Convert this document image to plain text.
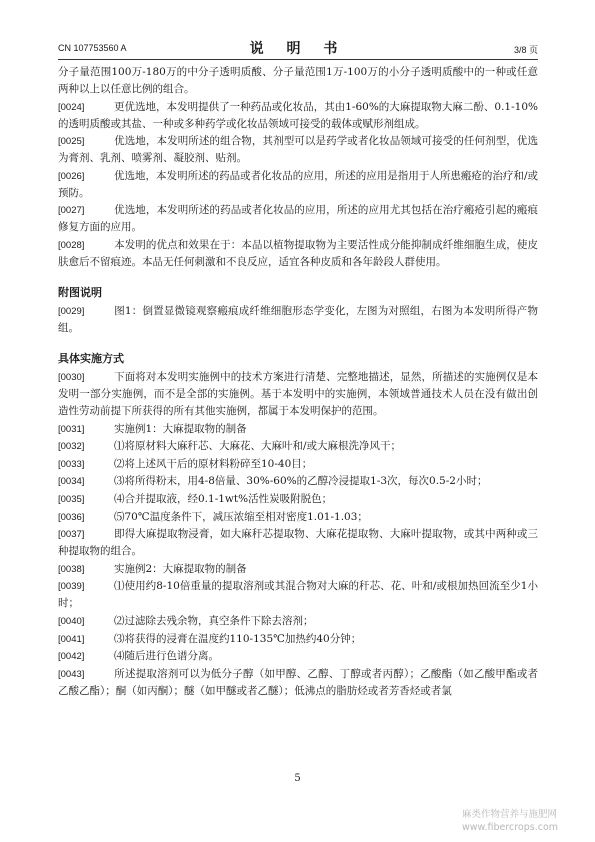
CN 107753560 A	说 明 书	3/8 页
分子量范围100万-180万的中分子透明质酸、分子量范围1万-100万的小分子透明质酸中的一种或任意两种以上以任意比例的组合。
[0024]	更优选地，本发明提供了一种药品或化妆品，其由1-60%的大麻提取物大麻二酚、0.1-10%的透明质酸或其盐、一种或多种药学或化妆品领域可接受的载体或赋形剂组成。
[0025]	优选地，本发明所述的组合物，其剂型可以是药学或者化妆品领域可接受的任何剂型，优选为膏剂、乳剂、喷雾剂、凝胶剂、贴剂。
[0026]	优选地，本发明所述的药品或者化妆品的应用，所述的应用是指用于人所患瘢疮的治疗和/或预防。
[0027]	优选地，本发明所述的药品或者化妆品的应用，所述的应用尤其包括在治疗瘢疮引起的瘢痕修复方面的应用。
[0028]	本发明的优点和效果在于：本品以植物提取物为主要活性成分能抑制成纤维细胞生成，使皮肤愈后不留痕迹。本品无任何刺激和不良反应，适宜各种皮质和各年龄段人群使用。
附图说明
[0029]	图1：倒置显微镜观察瘢痕成纤维细胞形态学变化，左图为对照组，右图为本发明所得产物组。
具体实施方式
[0030]	下面将对本发明实施例中的技术方案进行清楚、完整地描述，显然，所描述的实施例仅是本发明一部分实施例，而不是全部的实施例。基于本发明中的实施例，本领域普通技术人员在没有做出创造性劳动前提下所获得的所有其他实施例，都属于本发明保护的范围。
[0031]	实施例1：大麻提取物的制备
[0032]	⑴将原材料大麻秆芯、大麻花、大麻叶和/或大麻根洗净风干；
[0033]	⑵将上述风干后的原材料粉碎至10-40目；
[0034]	⑶将所得粉末，用4-8倍量、30%-60%的乙醇冷浸提取1-3次，每次0.5-2小时；
[0035]	⑷合并提取液，经0.1-1wt%活性炭吸附脱色；
[0036]	⑸70℃温度条件下，减压浓缩至相对密度1.01-1.03；
[0037]	即得大麻提取物浸膏，如大麻秆芯提取物、大麻花提取物、大麻叶提取物，或其中两种或三种提取物的组合。
[0038]	实施例2：大麻提取物的制备
[0039]	⑴使用约8-10倍重量的提取溶剂或其混合物对大麻的秆芯、花、叶和/或根加热回流至少1小时；
[0040]	⑵过滤除去残余物，真空条件下除去溶剂；
[0041]	⑶将获得的浸膏在温度约110-135℃加热约40分钟；
[0042]	⑷随后进行色谱分离。
[0043]	所述提取溶剂可以为低分子醇（如甲醇、乙醇、丁醇或者丙醇）；乙酸酯（如乙酸甲酯或者乙酸乙酯）；酮（如丙酮）；醚（如甲醚或者乙醚）；低沸点的脂肪烃或者芳香烃或者氯
5
麻类作物营养与施肥网
www.fibercrops.com
